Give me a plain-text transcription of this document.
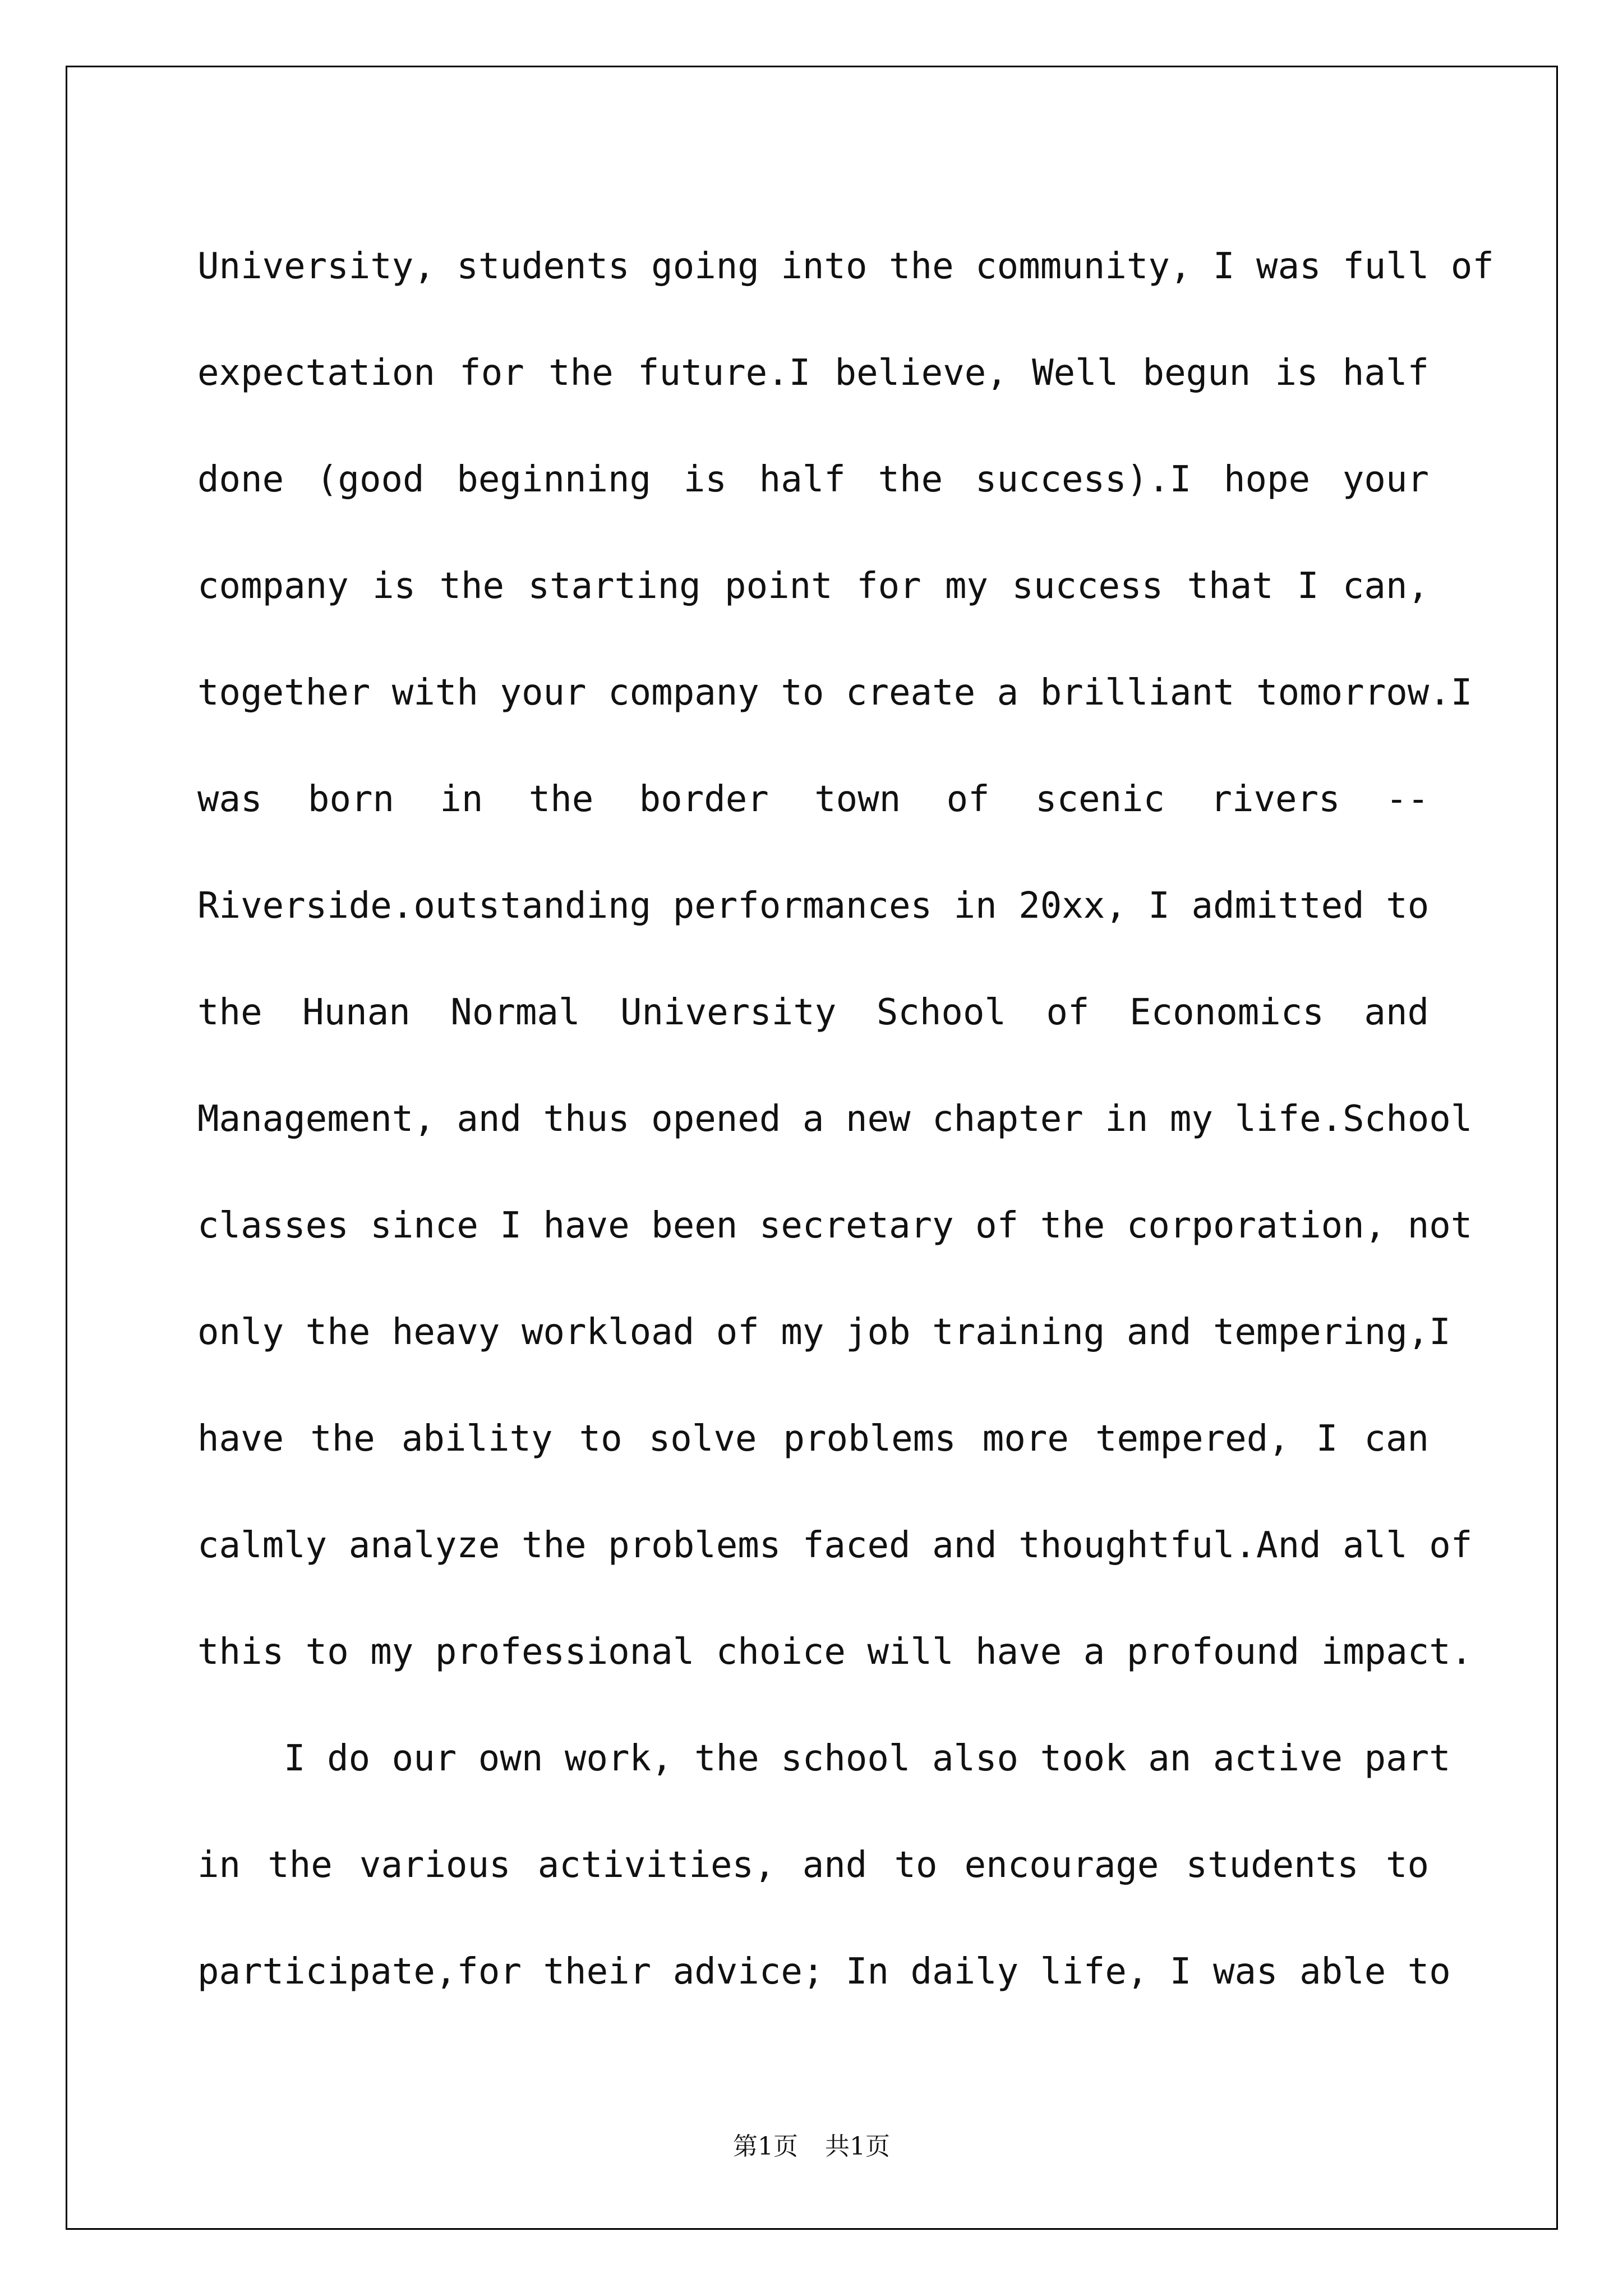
University, students going into the community, I was full of
expectation for the future.I believe, Well begun is half
done (good beginning is half the success).I hope your
company is the starting point for my success that I can,
together with your company to create a brilliant tomorrow.I
was born in the border town of scenic rivers --
Riverside.outstanding performances in 20xx, I admitted to
the Hunan Normal University School of Economics and
Management, and thus opened a new chapter in my life.School
classes since I have been secretary of the corporation, not
only the heavy workload of my job training and tempering,I
have the ability to solve problems more tempered, I can
calmly analyze the problems faced and thoughtful.And all of
this to my professional choice will have a profound impact.
I do our own work, the school also took an active part
in the various activities, and to encourage students to
participate,for their advice; In daily life, I was able to
第1页 共1页
